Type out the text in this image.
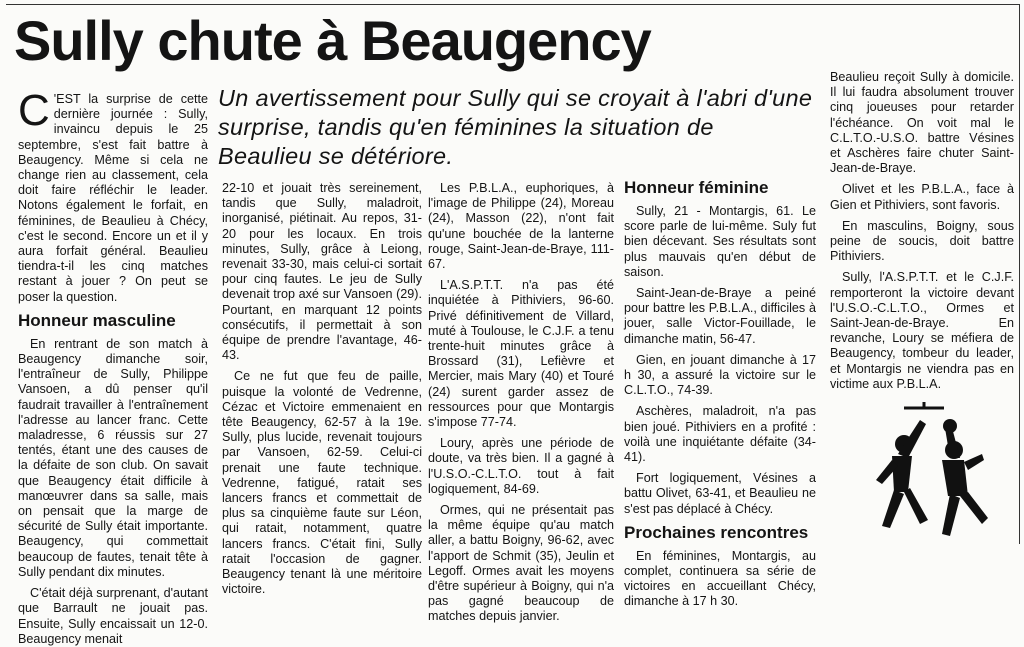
Sully chute à Beaugency
Un avertissement pour Sully qui se croyait à l'abri d'une surprise, tandis qu'en féminines la situation de Beaulieu se détériore.

C 'EST la surprise de cette dernière journée : Sully, invaincu depuis le 25 septembre, s'est fait battre à Beaugency. Même si cela ne change rien au classement, cela doit faire réfléchir le leader. Notons également le forfait, en féminines, de Beaulieu à Chécy, c'est le second. Encore un et il y aura forfait général. Beaulieu tiendra-t-il les cinq matches restant à jouer ? On peut se poser la question.

Honneur masculine

En rentrant de son match à Beaugency dimanche soir, l'entraîneur de Sully, Philippe Vansoen, a dû penser qu'il faudrait travailler à l'entraînement l'adresse au lancer franc. Cette maladresse, 6 réussis sur 27 tentés, étant une des causes de la défaite de son club. On savait que Beaugency était difficile à manœuvrer dans sa salle, mais on pensait que la marge de sécurité de Sully était importante. Beaugency, qui commettait beaucoup de fautes, tenait tête à Sully pendant dix minutes.

C'était déjà surprenant, d'autant que Barrault ne jouait pas. Ensuite, Sully encaissait un 12-0. Beaugency menait

22-10 et jouait très sereinement, tandis que Sully, maladroit, inorganisé, piétinait. Au repos, 31-20 pour les locaux. En trois minutes, Sully, grâce à Leiong, revenait 33-30, mais celui-ci sortait pour cinq fautes. Le jeu de Sully devenait trop axé sur Vansoen (29). Pourtant, en marquant 12 points consécutifs, il permettait à son équipe de prendre l'avantage, 46-43.

Ce ne fut que feu de paille, puisque la volonté de Vedrenne, Cézac et Victoire emmenaient en tête Beaugency, 62-57 à la 19e. Sully, plus lucide, revenait toujours par Vansoen, 62-59. Celui-ci prenait une faute technique. Vedrenne, fatigué, ratait ses lancers francs et commettait de plus sa cinquième faute sur Léon, qui ratait, notamment, quatre lancers francs. C'était fini, Sully ratait l'occasion de gagner. Beaugency tenant là une méritoire victoire.

Les P.B.L.A., euphoriques, à l'image de Philippe (24), Moreau (24), Masson (22), n'ont fait qu'une bouchée de la lanterne rouge, Saint-Jean-de-Braye, 111-67.

L'A.S.P.T.T. n'a pas été inquiétée à Pithiviers, 96-60. Privé définitivement de Villard, muté à Toulouse, le C.J.F. a tenu trente-huit minutes grâce à Brossard (31), Lefièvre et Mercier, mais Mary (40) et Touré (24) surent garder assez de ressources pour que Montargis s'impose 77-74.

Loury, après une période de doute, va très bien. Il a gagné à l'U.S.O.-C.L.T.O. tout à fait logiquement, 84-69.

Ormes, qui ne présentait pas la même équipe qu'au match aller, a battu Boigny, 96-62, avec l'apport de Schmit (35), Jeulin et Legoff. Ormes avait les moyens d'être supérieur à Boigny, qui n'a pas gagné beaucoup de matches depuis janvier.

Honneur féminine

Sully, 21 - Montargis, 61. Le score parle de lui-même. Suly fut bien décevant. Ses résultats sont plus mauvais qu'en début de saison.

Saint-Jean-de-Braye a peiné pour battre les P.B.L.A., difficiles à jouer, salle Victor-Fouillade, le dimanche matin, 56-47.

Gien, en jouant dimanche à 17 h 30, a assuré la victoire sur le C.L.T.O., 74-39.

Aschères, maladroit, n'a pas bien joué. Pithiviers en a profité : voilà une inquiétante défaite (34-41).

Fort logiquement, Vésines a battu Olivet, 63-41, et Beaulieu ne s'est pas déplacé à Chécy.

Prochaines rencontres

En féminines, Montargis, au complet, continuera sa série de victoires en accueillant Chécy, dimanche à 17 h 30.

Beaulieu reçoit Sully à domicile. Il lui faudra absolument trouver cinq joueuses pour retarder l'échéance. On voit mal le C.L.T.O.-U.S.O. battre Vésines et Aschères faire chuter Saint-Jean-de-Braye.

Olivet et les P.B.L.A., face à Gien et Pithiviers, sont favoris.

En masculins, Boigny, sous peine de soucis, doit battre Pithiviers.

Sully, l'A.S.P.T.T. et le C.J.F. remporteront la victoire devant l'U.S.O.-C.L.T.O., Ormes et Saint-Jean-de-Braye. En revanche, Loury se méfiera de Beaugency, tombeur du leader, et Montargis ne viendra pas en victime aux P.B.L.A.
